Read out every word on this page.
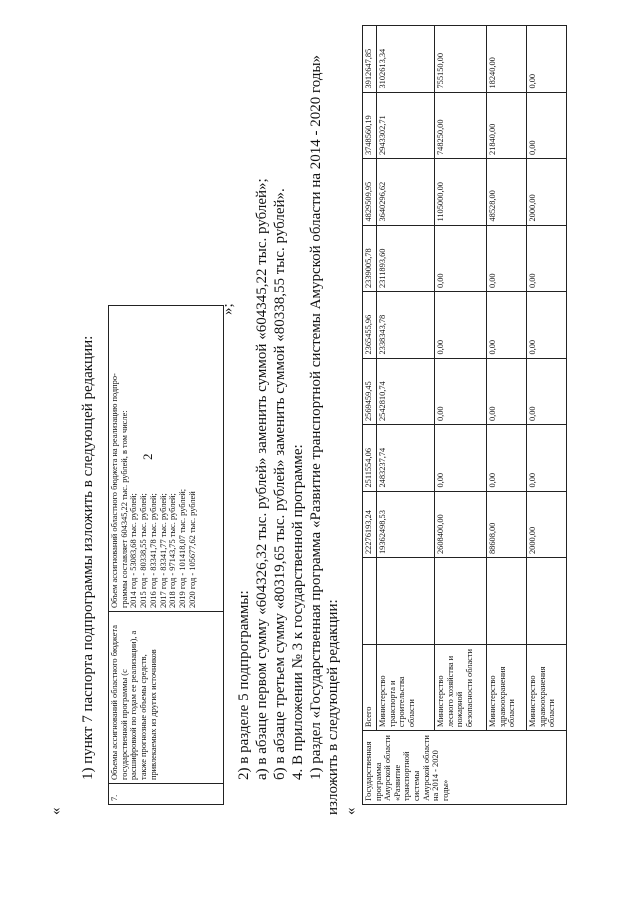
2
«
1) пункт 7 паспорта подпрограммы изложить в следующей редакции:
7.	Объемы ассигнований областного бюджета государственной программы (с расшифровкой по годам ее реализации), а также прогнозные объемы средств, привлекаемых из других источников	
Объем ассигнований областного бюджета на реализацию подпро- граммы составляет 604345,22 тыс. рублей, в том числе: 2014 год - 53083,68 тыс. рублей; 2015 год - 80338,55 тыс. рублей; 2016 год - 83341,78 тыс. рублей; 2017 год - 83341,77 тыс. рублей; 2018 год - 97143,75 тыс. рублей; 2019 год - 101418,07 тыс. рублей; 2020 год - 105677,62 тыс. рублей
»;
2) в разделе 5 подпрограммы: а) в абзаце первом сумму «604326,32 тыс. рублей» заменить суммой «604345,22 тыс. рублей»; б) в абзаце третьем сумму «80319,65 тыс. рублей» заменить суммой «80338,55 тыс. рублей». 4. В приложении № 3 к государственной программе: 1) раздел «Государственная программа «Развитие транспортной системы Амурской области на 2014 - 2020 годы» изложить в следующей редакции: «
Государственная программа Амурской области «Развитие транспортной системы Амурской области на 2014 - 2020 годы»	Всего		22276193,24	2511554,06	2569459,45	2365455,96	2339005,78	4829509,95	3748560,19	3912647,85
	Министерство транспорта и строительства области		19362498,53	2483237,74	2542810,74	2338343,78	2311893,60	3640296,62	2943302,71	3102613,34
	Министерство лесного хозяйства и пожарной безопасности области		2608400,00	0,00	0,00	0,00	0,00	1105000,00	748250,00	755150,00
	Министерство здравоохранения области		88608,00	0,00	0,00	0,00	0,00	48528,00	21840,00	18240,00
	Министерство здравоохранения области		2000,00	0,00	0,00	0,00	0,00	2000,00	0,00	0,00
